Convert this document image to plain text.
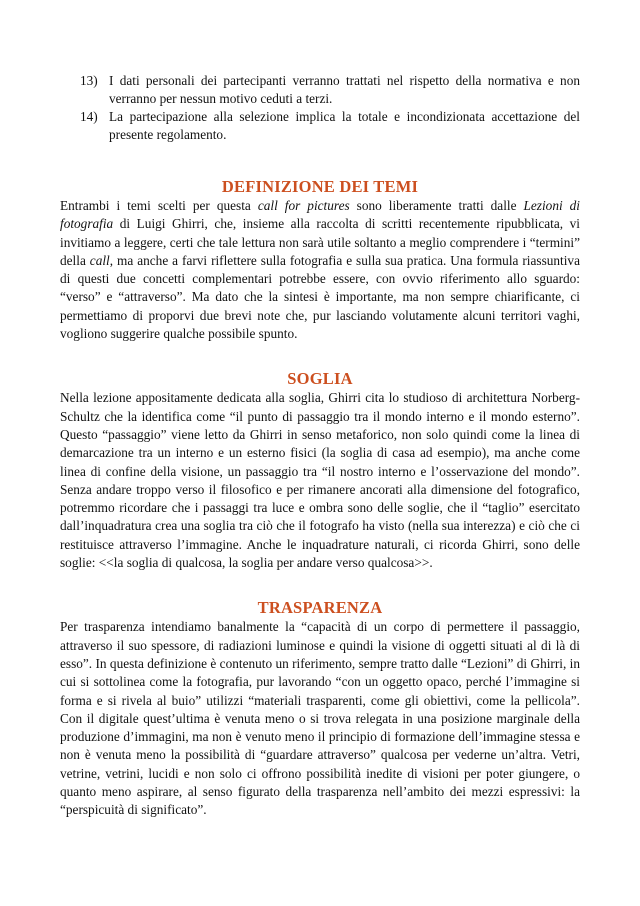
13) I dati personali dei partecipanti verranno trattati nel rispetto della normativa e non verranno per nessun motivo ceduti a terzi.
14) La partecipazione alla selezione implica la totale e incondizionata accettazione del presente regolamento.
DEFINIZIONE DEI TEMI
Entrambi i temi scelti per questa call for pictures sono liberamente tratti dalle Lezioni di fotografia di Luigi Ghirri, che, insieme alla raccolta di scritti recentemente ripubblicata, vi invitiamo a leggere, certi che tale lettura non sarà utile soltanto a meglio comprendere i “termini” della call, ma anche a farvi riflettere sulla fotografia e sulla sua pratica. Una formula riassuntiva di questi due concetti complementari potrebbe essere, con ovvio riferimento allo sguardo: “verso” e “attraverso”. Ma dato che la sintesi è importante, ma non sempre chiarificante, ci permettiamo di proporvi due brevi note che, pur lasciando volutamente alcuni territori vaghi, vogliono suggerire qualche possibile spunto.
SOGLIA
Nella lezione appositamente dedicata alla soglia, Ghirri cita lo studioso di architettura Norberg-Schultz che la identifica come “il punto di passaggio tra il mondo interno e il mondo esterno”. Questo “passaggio” viene letto da Ghirri in senso metaforico, non solo quindi come la linea di demarcazione tra un interno e un esterno fisici (la soglia di casa ad esempio), ma anche come linea di confine della visione, un passaggio tra “il nostro interno e l’osservazione del mondo”. Senza andare troppo verso il filosofico e per rimanere ancorati alla dimensione del fotografico, potremmo ricordare che i passaggi tra luce e ombra sono delle soglie, che il “taglio” esercitato dall’inquadratura crea una soglia tra ciò che il fotografo ha visto (nella sua interezza) e ciò che ci restituisce attraverso l’immagine. Anche le inquadrature naturali, ci ricorda Ghirri, sono delle soglie: <<la soglia di qualcosa, la soglia per andare verso qualcosa>>.
TRASPARENZA
Per trasparenza intendiamo banalmente la “capacità di un corpo di permettere il passaggio, attraverso il suo spessore, di radiazioni luminose e quindi la visione di oggetti situati al di là di esso”. In questa definizione è contenuto un riferimento, sempre tratto dalle “Lezioni” di Ghirri, in cui si sottolinea come la fotografia, pur lavorando “con un oggetto opaco, perché l’immagine si forma e si rivela al buio” utilizzi “materiali trasparenti, come gli obiettivi, come la pellicola”. Con il digitale quest’ultima è venuta meno o si trova relegata in una posizione marginale della produzione d’immagini, ma non è venuto meno il principio di formazione dell’immagine stessa e non è venuta meno la possibilità di “guardare attraverso” qualcosa per vederne un’altra. Vetri, vetrine, vetrini, lucidi e non solo ci offrono possibilità inedite di visioni per poter giungere, o quanto meno aspirare, al senso figurato della trasparenza nell’ambito dei mezzi espressivi: la “perspicuità di significato”.
